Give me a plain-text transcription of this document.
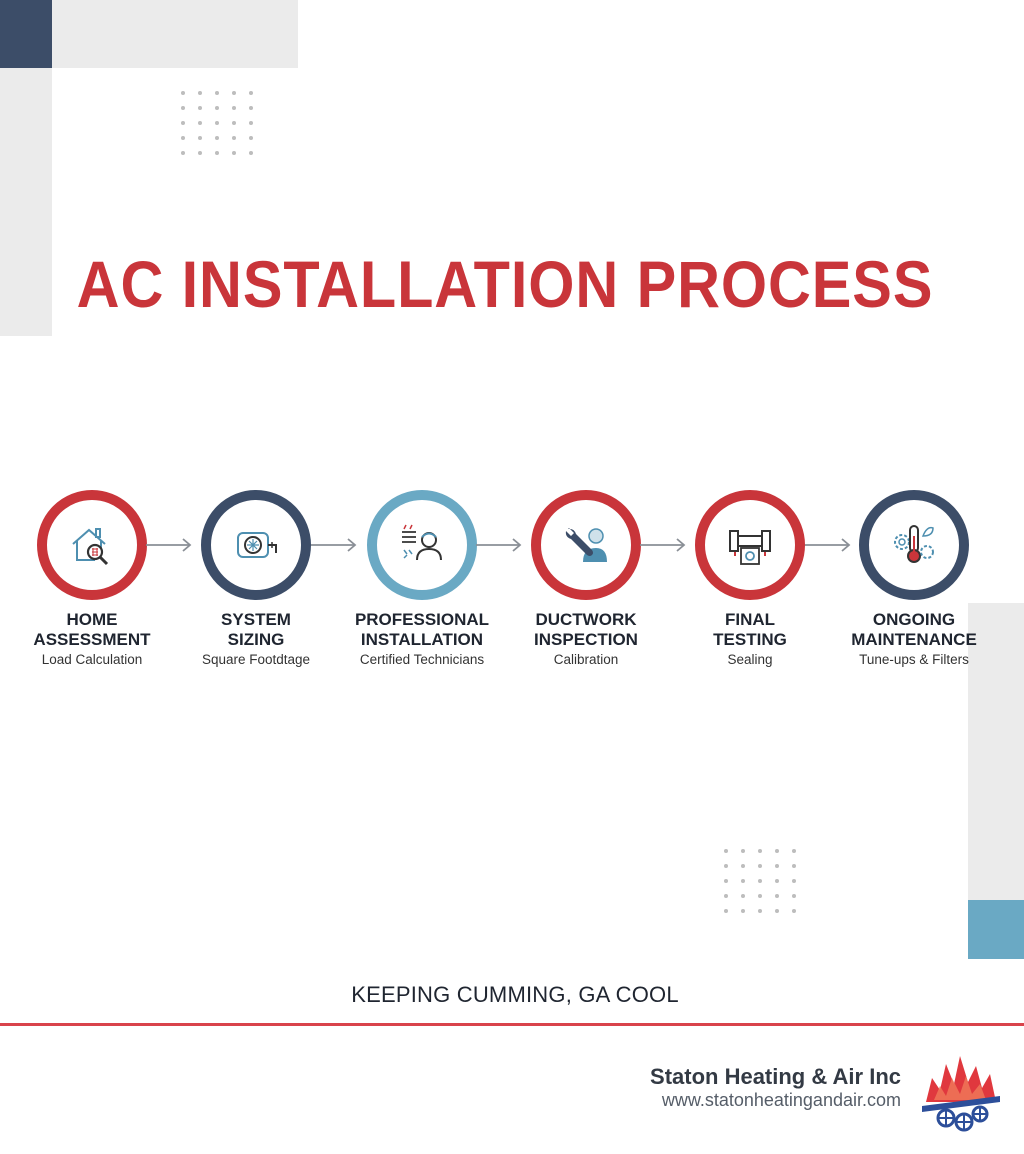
AC INSTALLATION PROCESS
HOME
ASSESSMENT
Load Calculation
SYSTEM
SIZING
Square Footdtage
PROFESSIONAL
INSTALLATION
Certified Technicians
DUCTWORK
INSPECTION
Calibration
FINAL
TESTING
Sealing
ONGOING
MAINTENANCE
Tune-ups & Filters
KEEPING CUMMING, GA COOL
Staton Heating & Air Inc
www.statonheatingandair.com
